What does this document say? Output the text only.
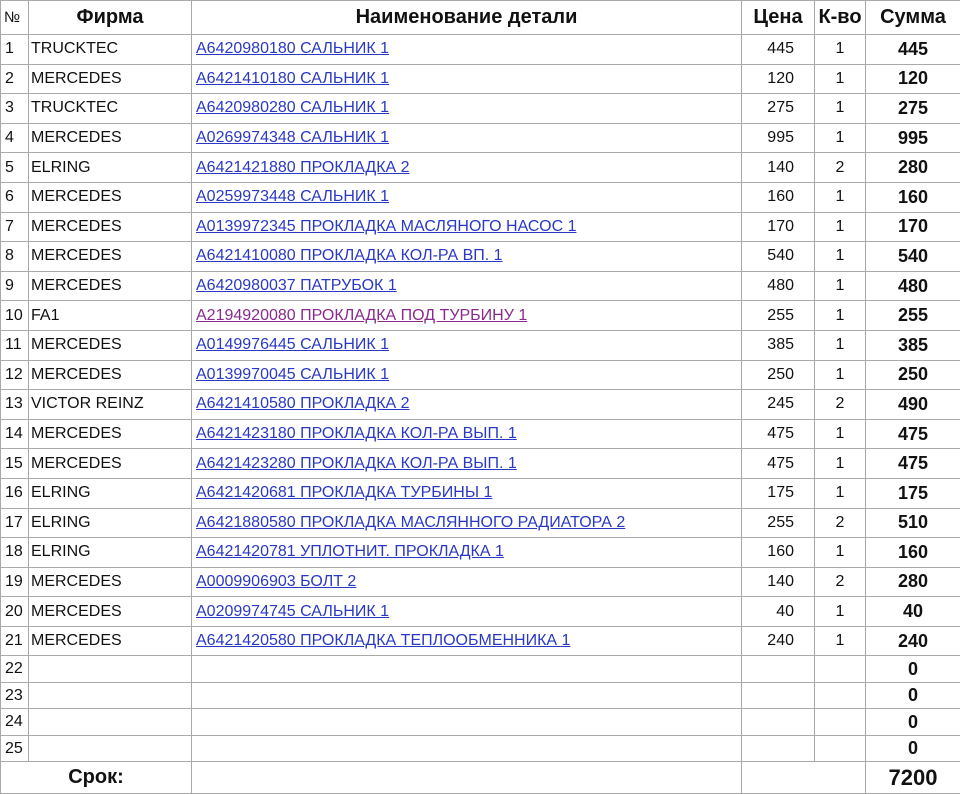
№	Фирма	Наименование детали	Цена	К-во	Сумма
1	TRUCKTEC	A6420980180 САЛЬНИК 1	445	1	445
2	MERCEDES	A6421410180 САЛЬНИК 1	120	1	120
3	TRUCKTEC	A6420980280 САЛЬНИК 1	275	1	275
4	MERCEDES	A0269974348 САЛЬНИК 1	995	1	995
5	ELRING	A6421421880 ПРОКЛАДКА 2	140	2	280
6	MERCEDES	A0259973448 САЛЬНИК 1	160	1	160
7	MERCEDES	A0139972345 ПРОКЛАДКА МАСЛЯНОГО НАСОС 1	170	1	170
8	MERCEDES	A6421410080 ПРОКЛАДКА КОЛ-РА ВП. 1	540	1	540
9	MERCEDES	A6420980037 ПАТРУБОК 1	480	1	480
10	FA1	A2194920080 ПРОКЛАДКА ПОД ТУРБИНУ 1	255	1	255
11	MERCEDES	A0149976445 САЛЬНИК 1	385	1	385
12	MERCEDES	A0139970045 САЛЬНИК 1	250	1	250
13	VICTOR REINZ	A6421410580 ПРОКЛАДКА 2	245	2	490
14	MERCEDES	A6421423180 ПРОКЛАДКА КОЛ-РА ВЫП. 1	475	1	475
15	MERCEDES	A6421423280 ПРОКЛАДКА КОЛ-РА ВЫП. 1	475	1	475
16	ELRING	A6421420681 ПРОКЛАДКА ТУРБИНЫ 1	175	1	175
17	ELRING	A6421880580 ПРОКЛАДКА МАСЛЯННОГО РАДИАТОРА 2	255	2	510
18	ELRING	A6421420781 УПЛОТНИТ. ПРОКЛАДКА 1	160	1	160
19	MERCEDES	A0009906903 БОЛТ 2	140	2	280
20	MERCEDES	A0209974745 САЛЬНИК 1	40	1	40
21	MERCEDES	A6421420580 ПРОКЛАДКА ТЕПЛООБМЕННИКА 1	240	1	240
22					0
23					0
24					0
25					0
Срок:					7200
